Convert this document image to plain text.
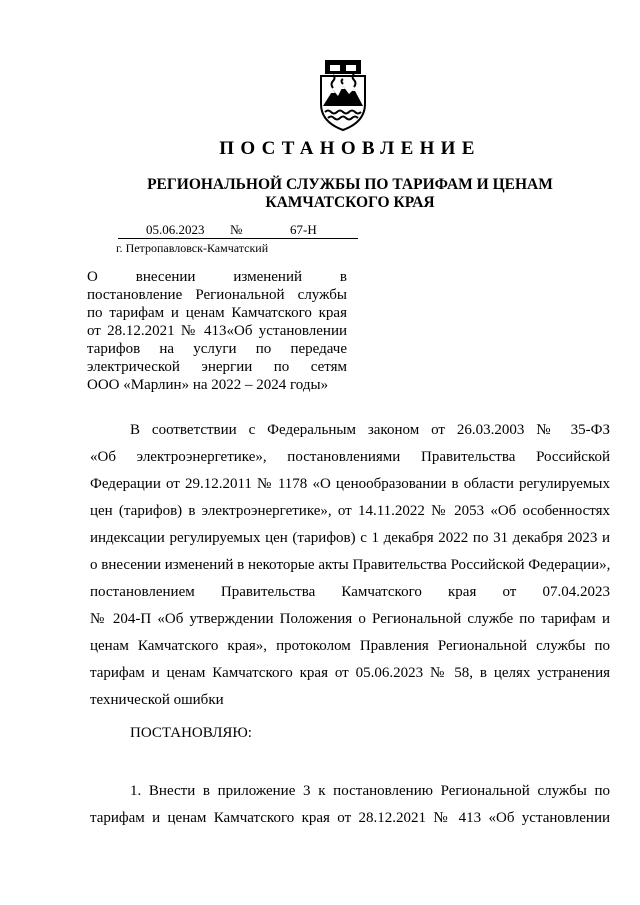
ПОСТАНОВЛЕНИЕ
РЕГИОНАЛЬНОЙ СЛУЖБЫ ПО ТАРИФАМ И ЦЕНАМ
КАМЧАТСКОГО КРАЯ
05.06.2023 №	67-Н
г. Петропавловск-Камчатский
О внесении изменений в
постановление Региональной службы
по тарифам и ценам Камчатского края
от 28.12.2021 № 413«Об установлении
тарифов на услуги по передаче
электрической энергии по сетям
ООО «Марлин» на 2022 – 2024 годы»
В соответствии с Федеральным законом от 26.03.2003 № 35-ФЗ
«Об электроэнергетике», постановлениями Правительства Российской
Федерации от 29.12.2011 № 1178 «О ценообразовании в области регулируемых
цен (тарифов) в электроэнергетике», от 14.11.2022 № 2053 «Об особенностях
индексации регулируемых цен (тарифов) с 1 декабря 2022 по 31 декабря 2023 и
о внесении изменений в некоторые акты Правительства Российской Федерации»,
постановлением Правительства Камчатского края от 07.04.2023
№ 204-П «Об утверждении Положения о Региональной службе по тарифам и
ценам Камчатского края», протоколом Правления Региональной службы по
тарифам и ценам Камчатского края от 05.06.2023 № 58, в целях устранения
технической ошибки
ПОСТАНОВЛЯЮ:
1. Внести в приложение 3 к постановлению Региональной службы по
тарифам и ценам Камчатского края от 28.12.2021 № 413 «Об установлении
